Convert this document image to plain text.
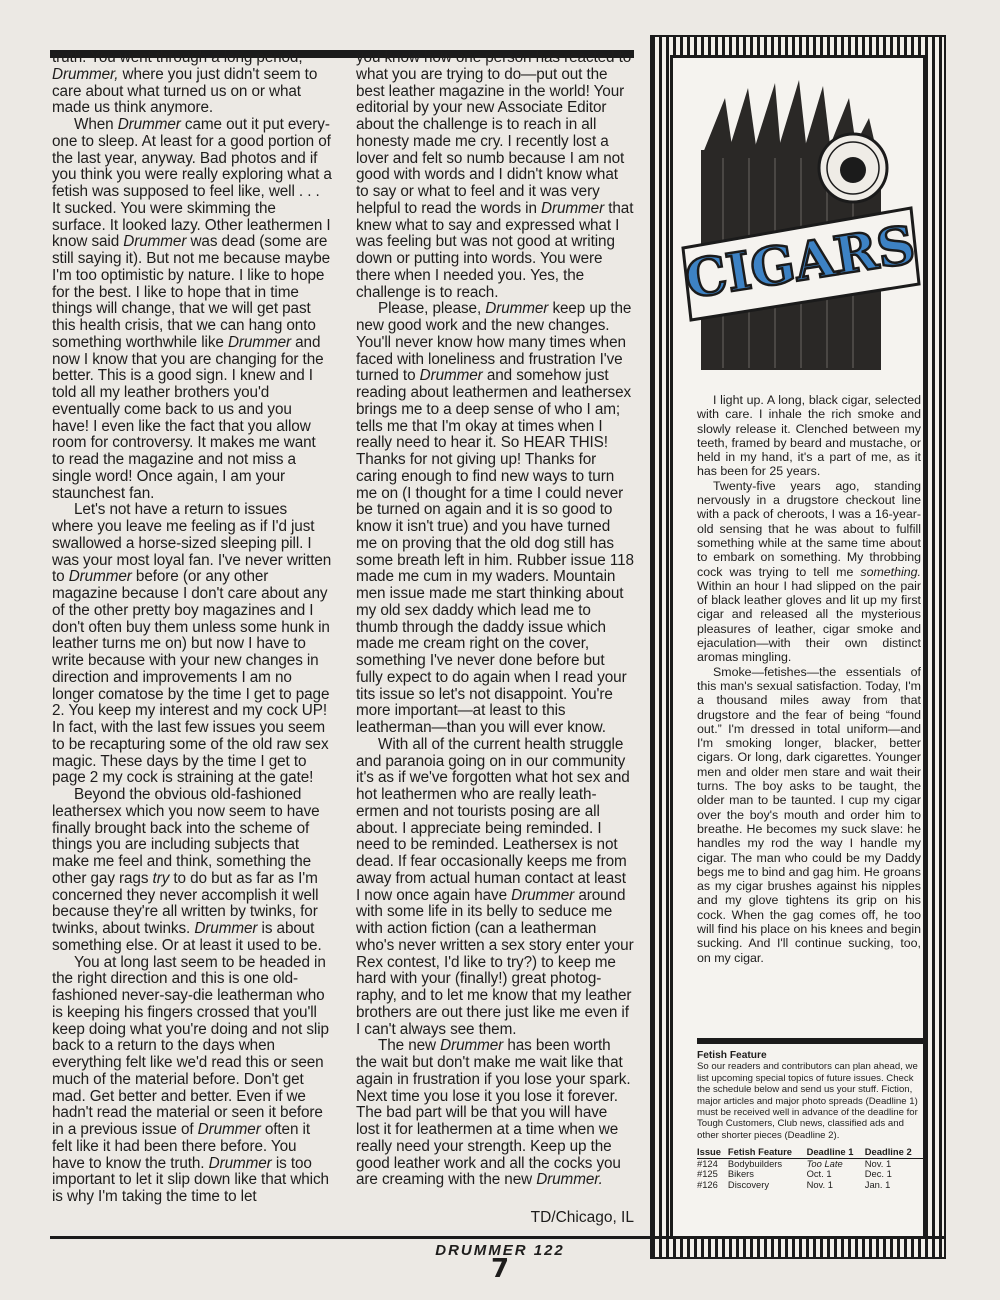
truth. You went through a long period, Drummer, where you just didn't seem to care about what turned us on or what made us think anymore.

When Drummer came out it put everyone to sleep. At least for a good portion of the last year, anyway. Bad photos and if you think you were really exploring what a fetish was supposed to feel like, well . . . It sucked. You were skimming the surface. It looked lazy. Other leathermen I know said Drummer was dead (some are still saying it). But not me because maybe I'm too optimistic by nature. I like to hope for the best. I like to hope that in time things will change, that we will get past this health crisis, that we can hang onto something worthwhile like Drummer and now I know that you are changing for the better. This is a good sign. I knew and I told all my leather brothers you'd eventually come back to us and you have! I even like the fact that you allow room for controversy. It makes me want to read the magazine and not miss a single word! Once again, I am your staunchest fan.

Let's not have a return to issues where you leave me feeling as if I'd just swallowed a horse-sized sleeping pill. I was your most loyal fan. I've never written to Drummer before (or any other magazine because I don't care about any of the other pretty boy magazines and I don't often buy them unless some hunk in leather turns me on) but now I have to write because with your new changes in direction and improvements I am no longer comatose by the time I get to page 2. You keep my interest and my cock UP! In fact, with the last few issues you seem to be recapturing some of the old raw sex magic. These days by the time I get to page 2 my cock is straining at the gate!

Beyond the obvious old-fashioned leathersex which you now seem to have finally brought back into the scheme of things you are including subjects that make me feel and think, something the other gay rags try to do but as far as I'm concerned they never accomplish it well because they're all written by twinks, for twinks, about twinks. Drummer is about something else. Or at least it used to be.

You at long last seem to be headed in the right direction and this is one old-fashioned never-say-die leatherman who is keeping his fingers crossed that you'll keep doing what you're doing and not slip back to a return to the days when everything felt like we'd read this or seen much of the material before. Don't get mad. Get better and better. Even if we hadn't read the material or seen it before in a previous issue of Drummer often it felt like it had been there before. You have to know the truth. Drummer is too important to let it slip down like that which is why I'm taking the time to let

you know how one person has reacted to what you are trying to do—put out the best leather magazine in the world! Your editorial by your new Associate Editor about the challenge is to reach in all honesty made me cry. I recently lost a lover and felt so numb because I am not good with words and I didn't know what to say or what to feel and it was very helpful to read the words in Drummer that knew what to say and expressed what I was feeling but was not good at writing down or putting into words. You were there when I needed you. Yes, the challenge is to reach.

Please, please, Drummer keep up the new good work and the new changes. You'll never know how many times when faced with loneliness and frustration I've turned to Drummer and somehow just reading about leathermen and leathersex brings me to a deep sense of who I am; tells me that I'm okay at times when I really need to hear it. So HEAR THIS! Thanks for not giving up! Thanks for caring enough to find new ways to turn me on (I thought for a time I could never be turned on again and it is so good to know it isn't true) and you have turned me on proving that the old dog still has some breath left in him. Rubber issue 118 made me cum in my waders. Mountain men issue made me start thinking about my old sex daddy which lead me to thumb through the daddy issue which made me cream right on the cover, something I've never done before but fully expect to do again when I read your tits issue so let's not disappoint. You're more important—at least to this leatherman—than you will ever know.

With all of the current health struggle and paranoia going on in our community it's as if we've forgotten what hot sex and hot leathermen who are really leathermen and not tourists posing are all about. I appreciate being reminded. I need to be reminded. Leathersex is not dead. If fear occasionally keeps me from away from actual human contact at least I now once again have Drummer around with some life in its belly to seduce me with action fiction (can a leatherman who's never written a sex story enter your Rex contest, I'd like to try?) to keep me hard with your (finally!) great photography, and to let me know that my leather brothers are out there just like me even if I can't always see them.

The new Drummer has been worth the wait but don't make me wait like that again in frustration if you lose your spark. Next time you lose it you lose it forever. The bad part will be that you will have lost it for leathermen at a time when we really need your strength. Keep up the good leather work and all the cocks you are creaming with the new Drummer.

TD/Chicago, IL
CIGARS

I light up. A long, black cigar, selected with care. I inhale the rich smoke and slowly release it. Clenched between my teeth, framed by beard and mustache, or held in my hand, it's a part of me, as it has been for 25 years.

Twenty-five years ago, standing nervously in a drugstore checkout line with a pack of cheroots, I was a 16-year-old sensing that he was about to fulfill something while at the same time about to embark on something. My throbbing cock was trying to tell me something. Within an hour I had slipped on the pair of black leather gloves and lit up my first cigar and released all the mysterious pleasures of leather, cigar smoke and ejaculation—with their own distinct aromas mingling.

Smoke—fetishes—the essentials of this man's sexual satisfaction. Today, I'm a thousand miles away from that drugstore and the fear of being “found out.” I'm dressed in total uniform—and I'm smoking longer, blacker, better cigars. Or long, dark cigarettes. Younger men and older men stare and wait their turns. The boy asks to be taught, the older man to be taunted. I cup my cigar over the boy's mouth and order him to breathe. He becomes my suck slave: he handles my rod the way I handle my cigar. The man who could be my Daddy begs me to bind and gag him. He groans as my cigar brushes against his nipples and my glove tightens its grip on his cock. When the gag comes off, he too will find his place on his knees and begin sucking. And I'll continue sucking, too, on my cigar.

Fetish Feature

So our readers and contributors can plan ahead, we list upcoming special topics of future issues. Check the schedule below and send us your stuff. Fiction, major articles and major photo spreads (Deadline 1) must be received well in advance of the deadline for Tough Customers, Club news, classified ads and other shorter pieces (Deadline 2).

Issue	Fetish Feature	Deadline 1	Deadline 2
#124	Bodybuilders	Too Late	Nov. 1
#125	Bikers	Oct. 1	Dec. 1
#126	Discovery	Nov. 1	Jan. 1
DRUMMER 122
7
